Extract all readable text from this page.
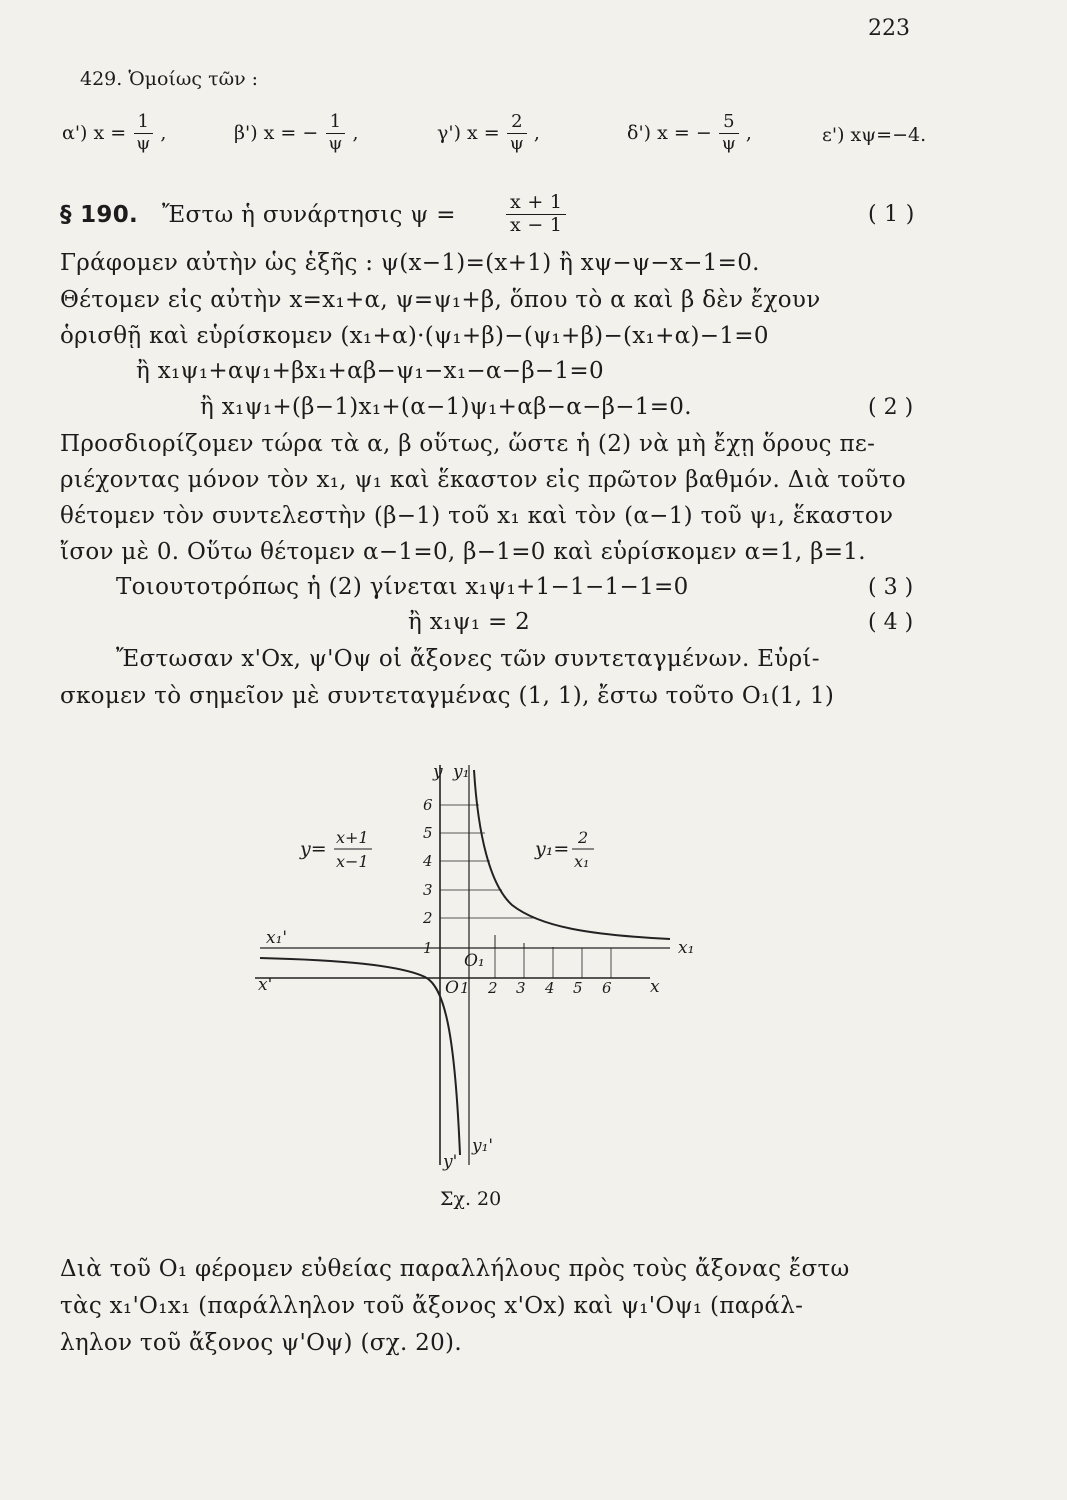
223
429. Ὁμοίως τῶν :
α')
$x = \frac{1}{\psi}$ ,	β')
x = − $\frac{1}{\psi}$ ,	γ')
$x = \frac{2}{\psi}$ ,	δ')
x = − $\frac{5}{\psi}$ ,	ε')
xψ=−4.
§ 190. Ἔστω ἡ συνάρτησις ψ =	$\frac{x + 1}{x - 1}$	( 1 )
Γράφομεν αὐτὴν ὡς ἑξῆς : ψ(x−1)=(x+1) ἢ xψ−ψ−x−1=0.
Θέτομεν εἰς αὐτὴν x=x₁+α, ψ=ψ₁+β, ὅπου τὸ α καὶ β δὲν ἔχουν
ὁρισθῇ καὶ εὑρίσκομεν (x₁+α)·(ψ₁+β)−(ψ₁+β)−(x₁+α)−1=0
ἢ x₁ψ₁+αψ₁+βx₁+αβ−ψ₁−x₁−α−β−1=0
ἢ x₁ψ₁+(β−1)x₁+(α−1)ψ₁+αβ−α−β−1=0.	( 2 )
Προσδιορίζομεν τώρα τὰ α, β οὕτως, ὥστε ἡ (2) νὰ μὴ ἔχῃ ὅρους πε-
ριέχοντας μόνον τὸν x₁, ψ₁ καὶ ἕκαστον εἰς πρῶτον βαθμόν. Διὰ τοῦτο
θέτομεν τὸν συντελεστὴν (β−1) τοῦ x₁ καὶ τὸν (α−1) τοῦ ψ₁, ἕκαστον
ἴσον μὲ 0. Οὕτω θέτομεν α−1=0, β−1=0 καὶ εὑρίσκομεν α=1, β=1.
Τοιουτοτρόπως ἡ (2) γίνεται x₁ψ₁+1−1−1−1=0	( 3 )
ἢ x₁ψ₁ = 2	( 4 )
Ἔστωσαν x'Ox, ψ'Oψ οἱ ἄξονες τῶν συντεταγμένων. Εὑρί-
σκομεν τὸ σημεῖον μὲ συντεταγμένας (1, 1), ἔστω τοῦτο O₁(1, 1)
y y₁
x₁
x
x₁'
x'
y'
y₁'
O
O₁
1
2
3
4
5
6
1 2 3 4 5 6
y=
x+1
x−1
y₁=
2
x₁
Σχ. 20
Διὰ τοῦ O₁ φέρομεν εὐθείας παραλλήλους πρὸς τοὺς ἄξονας ἔστω
τὰς x₁'O₁x₁ (παράλληλον τοῦ ἄξονος x'Ox) καὶ ψ₁'Oψ₁ (παράλ-
ληλον τοῦ ἄξονος ψ'Oψ) (σχ. 20).
